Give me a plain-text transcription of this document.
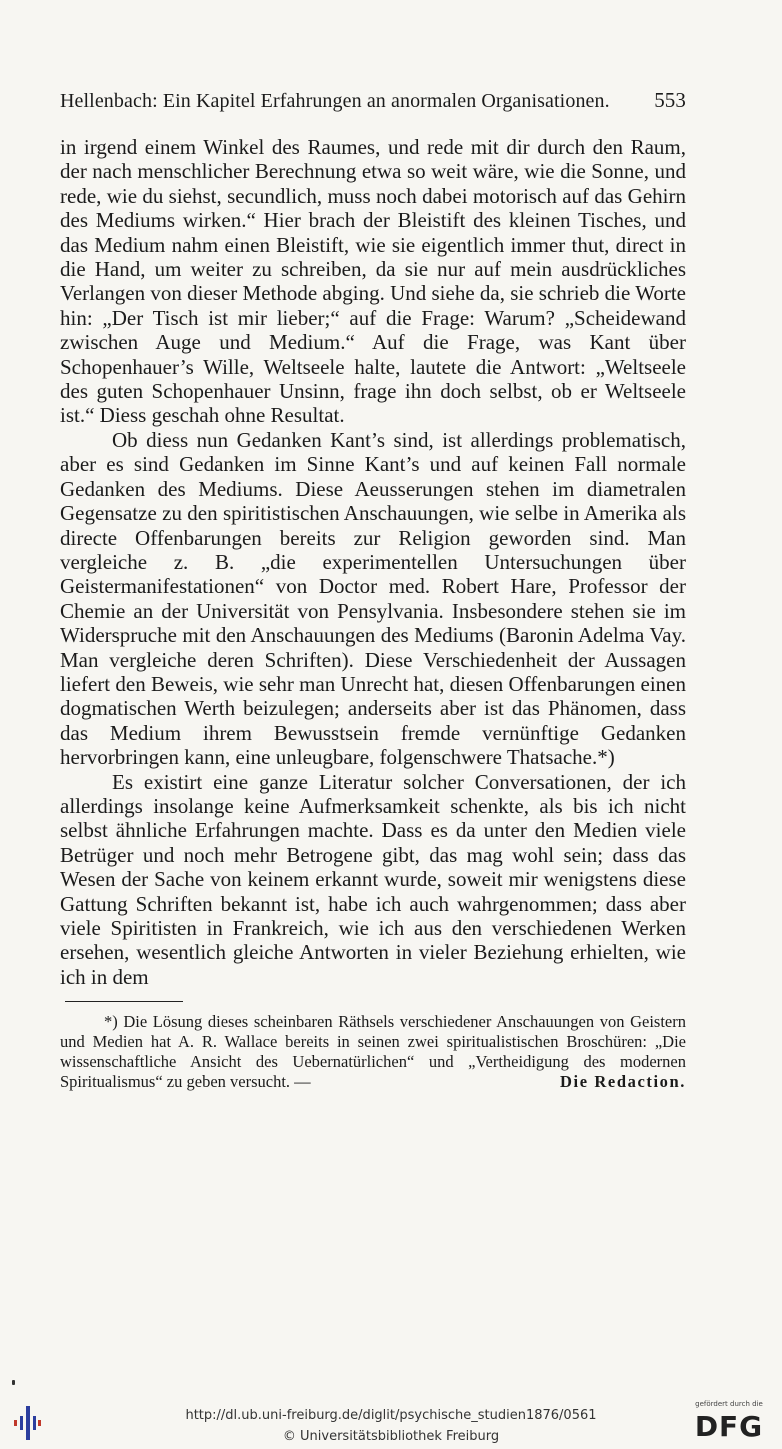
Hellenbach: Ein Kapitel Erfahrungen an anormalen Organisationen. 553

in irgend einem Winkel des Raumes, und rede mit dir durch den Raum, der nach menschlicher Berechnung etwa so weit wäre, wie die Sonne, und rede, wie du siehst, secundlich, muss noch dabei motorisch auf das Gehirn des Mediums wirken.“ Hier brach der Bleistift des kleinen Tisches, und das Medium nahm einen Bleistift, wie sie eigentlich immer thut, direct in die Hand, um weiter zu schreiben, da sie nur auf mein ausdrückliches Verlangen von dieser Methode abging. Und siehe da, sie schrieb die Worte hin: „Der Tisch ist mir lieber;“ auf die Frage: Warum? „Scheidewand zwischen Auge und Medium.“ Auf die Frage, was Kant über Schopenhauer’s Wille, Weltseele halte, lautete die Antwort: „Weltseele des guten Schopenhauer Unsinn, frage ihn doch selbst, ob er Weltseele ist.“ Diess geschah ohne Resultat.

Ob diess nun Gedanken Kant’s sind, ist allerdings problematisch, aber es sind Gedanken im Sinne Kant’s und auf keinen Fall normale Gedanken des Mediums. Diese Aeusserungen stehen im diametralen Gegensatze zu den spiritistischen Anschauungen, wie selbe in Amerika als directe Offenbarungen bereits zur Religion geworden sind. Man vergleiche z. B. „die experimentellen Untersuchungen über Geistermanifestationen“ von Doctor med. Robert Hare, Professor der Chemie an der Universität von Pensylvania. Insbesondere stehen sie im Widerspruche mit den Anschauungen des Mediums (Baronin Adelma Vay. Man vergleiche deren Schriften). Diese Verschiedenheit der Aussagen liefert den Beweis, wie sehr man Unrecht hat, diesen Offenbarungen einen dogmatischen Werth beizulegen; anderseits aber ist das Phänomen, dass das Medium ihrem Bewusstsein fremde vernünftige Gedanken hervorbringen kann, eine unleugbare, folgenschwere Thatsache.*)

Es existirt eine ganze Literatur solcher Conversationen, der ich allerdings insolange keine Aufmerksamkeit schenkte, als bis ich nicht selbst ähnliche Erfahrungen machte. Dass es da unter den Medien viele Betrüger und noch mehr Betrogene gibt, das mag wohl sein; dass das Wesen der Sache von keinem erkannt wurde, soweit mir wenigstens diese Gattung Schriften bekannt ist, habe ich auch wahrgenommen; dass aber viele Spiritisten in Frankreich, wie ich aus den verschiedenen Werken ersehen, wesentlich gleiche Antworten in vieler Beziehung erhielten, wie ich in dem

*) Die Lösung dieses scheinbaren Räthsels verschiedener Anschauungen von Geistern und Medien hat A. R. Wallace bereits in seinen zwei spiritualistischen Broschüren: „Die wissenschaftliche Ansicht des Uebernatürlichen“ und „Vertheidigung des modernen Spiritualismus“ zu geben versucht. —	Die Redaction.

http://dl.ub.uni-freiburg.de/diglit/psychische_studien1876/0561
© Universitätsbibliothek Freiburg
gefördert durch die
DFG
